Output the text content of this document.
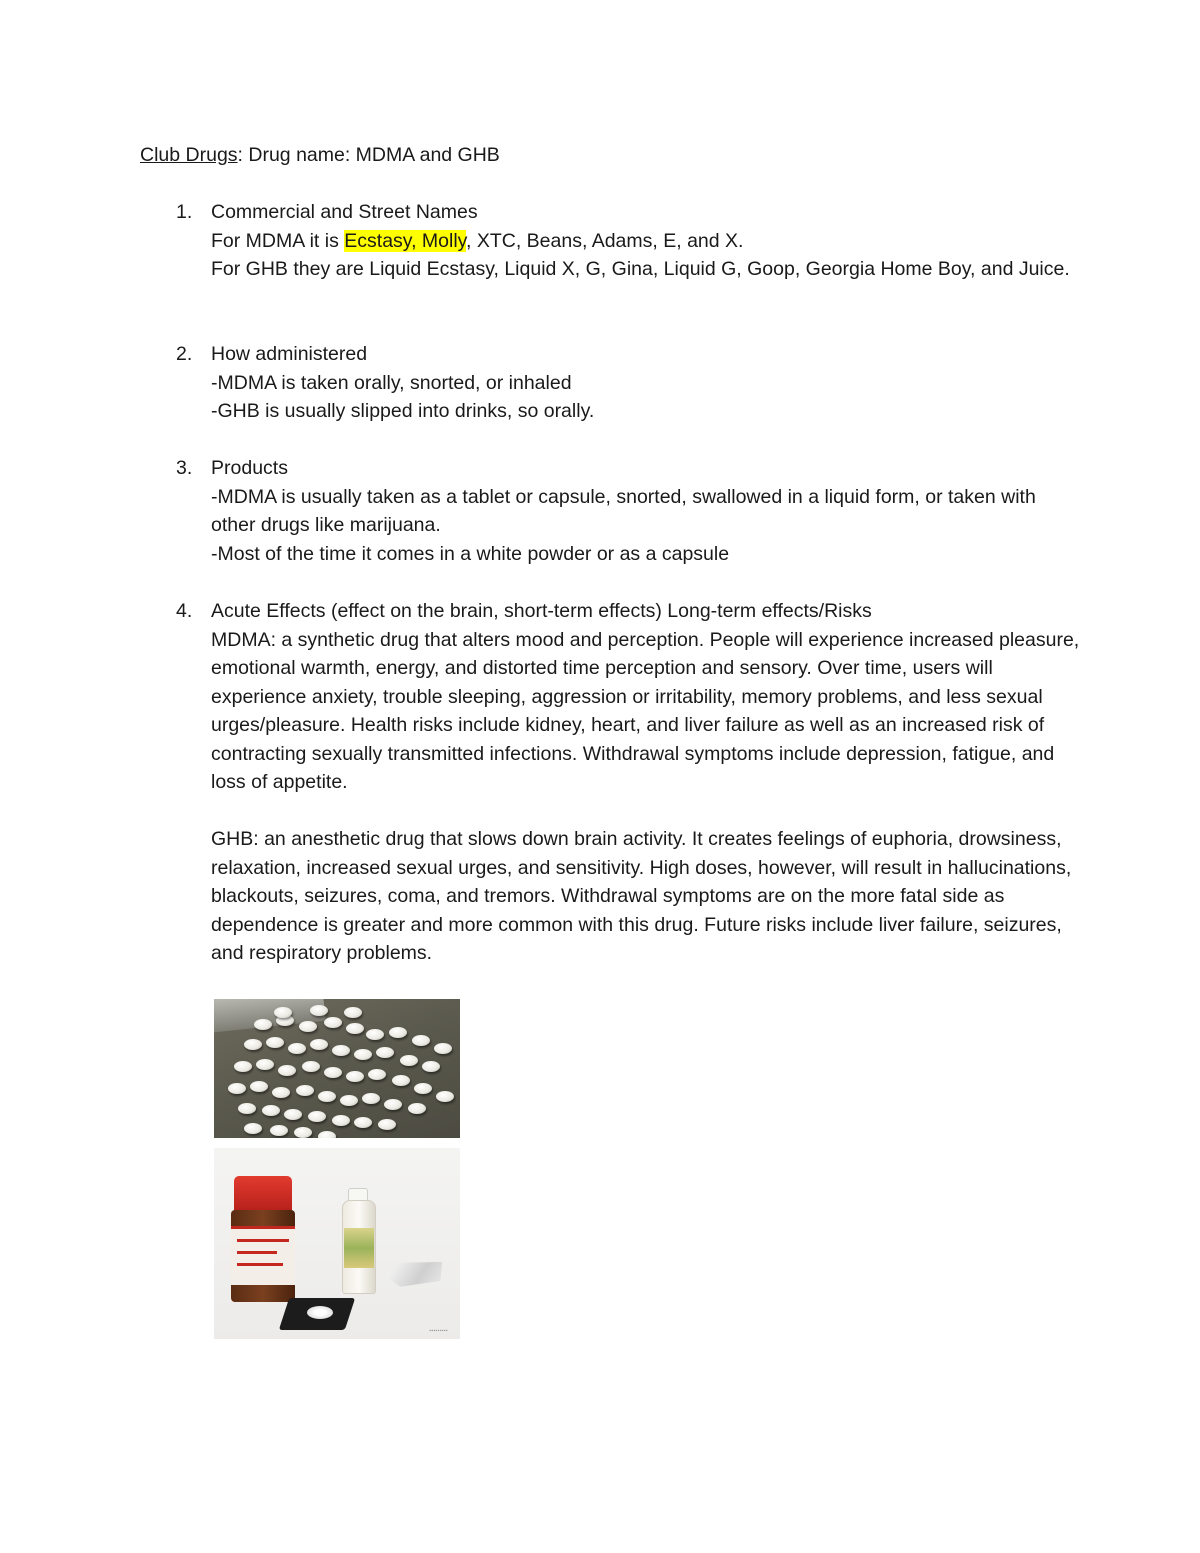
Club Drugs: Drug name: MDMA and GHB
1. Commercial and Street Names

For MDMA it is Ecstasy, Molly, XTC, Beans, Adams, E, and X.

For GHB they are Liquid Ecstasy, Liquid X, G, Gina, Liquid G, Goop, Georgia Home Boy, and Juice.

2. How administered

-MDMA is taken orally, snorted, or inhaled

-GHB is usually slipped into drinks, so orally.

3. Products

-MDMA is usually taken as a tablet or capsule, snorted, swallowed in a liquid form, or taken with other drugs like marijuana.

-Most of the time it comes in a white powder or as a capsule

4. Acute Effects (effect on the brain, short-term effects) Long-term effects/Risks

MDMA: a synthetic drug that alters mood and perception. People will experience increased pleasure, emotional warmth, energy, and distorted time perception and sensory. Over time, users will experience anxiety, trouble sleeping, aggression or irritability, memory problems, and less sexual urges/pleasure. Health risks include kidney, heart, and liver failure as well as an increased risk of contracting sexually transmitted infections. Withdrawal symptoms include depression, fatigue, and loss of appetite.

GHB: an anesthetic drug that slows down brain activity. It creates feelings of euphoria, drowsiness, relaxation, increased sexual urges, and sensitivity. High doses, however, will result in hallucinations, blackouts, seizures, coma, and tremors. Withdrawal symptoms are on the more fatal side as dependence is greater and more common with this drug. Future risks include liver failure, seizures, and respiratory problems.

▪▪▪▪▪▪▪▪▪
